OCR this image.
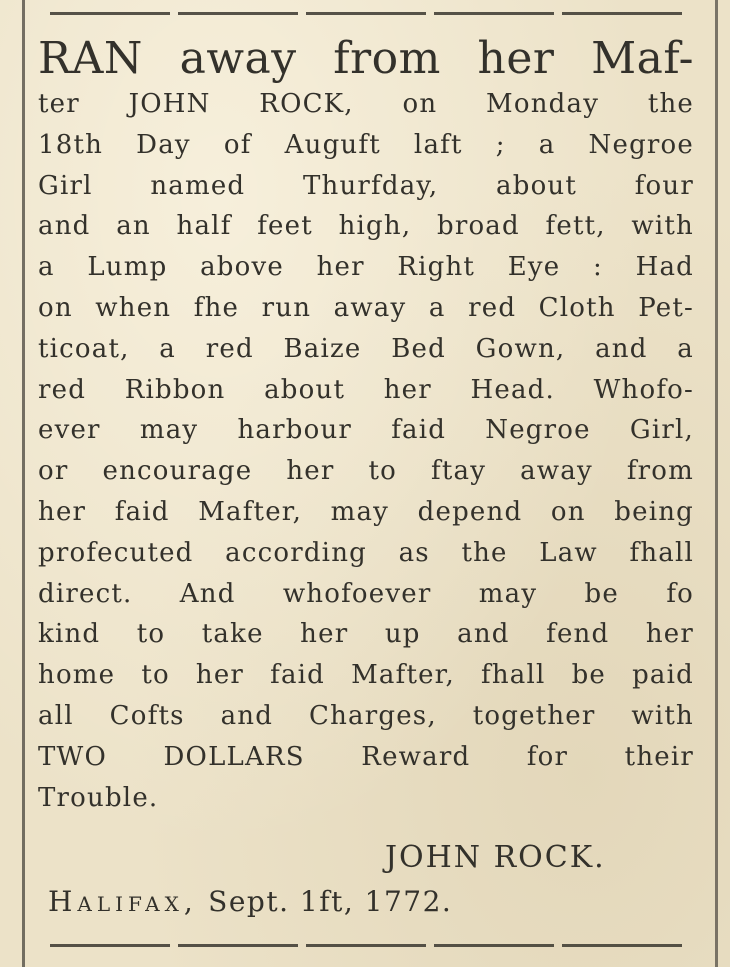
RAN away from her Maf-
ter JOHN ROCK, on Monday the
18th Day of Auguft laft ; a Negroe
Girl named Thurfday, about four
and an half feet high, broad fett, with
a Lump above her Right Eye : Had
on when fhe run away a red Cloth Pet-
ticoat, a red Baize Bed Gown, and a
red Ribbon about her Head. Whofo-
ever may harbour faid Negroe Girl,
or encourage her to ftay away from
her faid Mafter, may depend on being
profecuted according as the Law fhall
direct. And whofoever may be fo
kind to take her up and fend her
home to her faid Mafter, fhall be paid
all Cofts and Charges, together with
TWO DOLLARS Reward for their
Trouble.
JOHN ROCK.
Halifax, Sept. 1ft, 1772.
